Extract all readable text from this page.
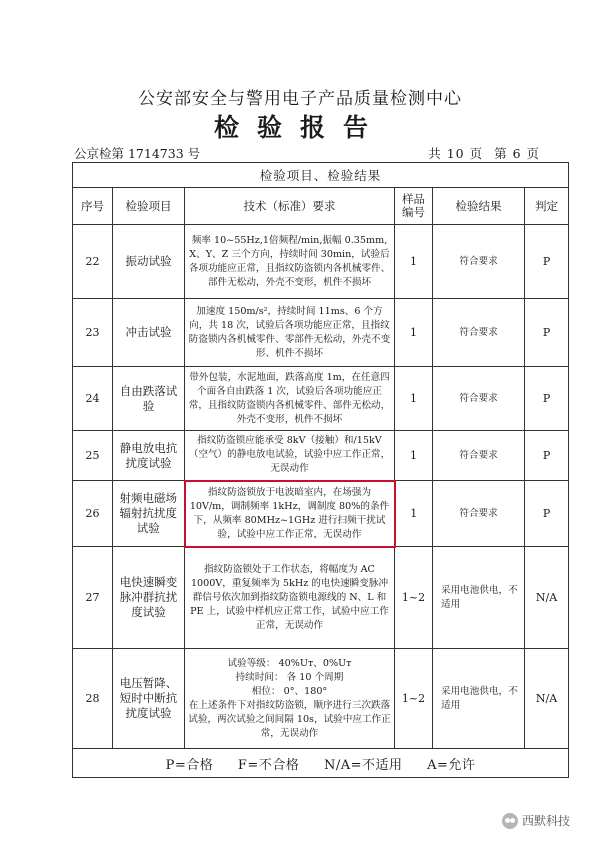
公安部安全与警用电子产品质量检测中心
检验报告
公京检第 1714733 号	共 10 页 第 6 页
检验项目、检验结果					
序号	检验项目	技术（标准）要求	样品编号	检验结果	判定
22	振动试验	频率 10~55Hz,1倍频程/min,振幅 0.35mm, X、Y、Z 三个方向，持续时间 30min，试验后各项功能应正常，且指纹防盗锁内各机械零件、部件无松动，外壳不变形，机件不损坏	1	符合要求	P
23	冲击试验	加速度 150m/s²，持续时间 11ms、6 个方向，共 18 次，试验后各项功能应正常，且指纹防盗锁内各机械零件、零部件无松动，外壳不变形、机件不损坏	1	符合要求	P
24	自由跌落试验	带外包装，水泥地面，跌落高度 1m，在任意四个面各自由跌落 1 次，试验后各项功能应正常，且指纹防盗锁内各机械零件、部件无松动，外壳不变形，机件不损坏	1	符合要求	P
25	静电放电抗扰度试验	指纹防盗锁应能承受 8kV（接触）和/15kV（空气）的静电放电试验，试验中应工作正常，无误动作	1	符合要求	P
26	射频电磁场辐射抗扰度试验	指纹防盗锁放于电波暗室内，在场强为 10V/m，调制频率 1kHz，调制度 80%的条件下，从频率 80MHz~1GHz 进行扫频干扰试验，试验中应工作正常，无误动作	1	符合要求	P
27	电快速瞬变脉冲群抗扰度试验	指纹防盗锁处于工作状态，将幅度为 AC 1000V，重复频率为 5kHz 的电快速瞬变脉冲群信号依次加到指纹防盗锁电源线的 N、L 和 PE 上，试验中样机应正常工作，试验中应工作正常，无误动作	1~2	采用电池供电，不适用	N/A
28	电压暂降、短时中断抗扰度试验	试验等级： 40%Uт、0%Uт
持续时间： 各 10 个周期
相位： 0°、180°
在上述条件下对指纹防盗锁，顺序进行三次跌落试验，两次试验之间间隔 10s，试验中应工作正常，无误动作	1~2	采用电池供电，不适用	N/A
P=合格 F=不合格 N/A=不适用 A=允许					
西默科技
